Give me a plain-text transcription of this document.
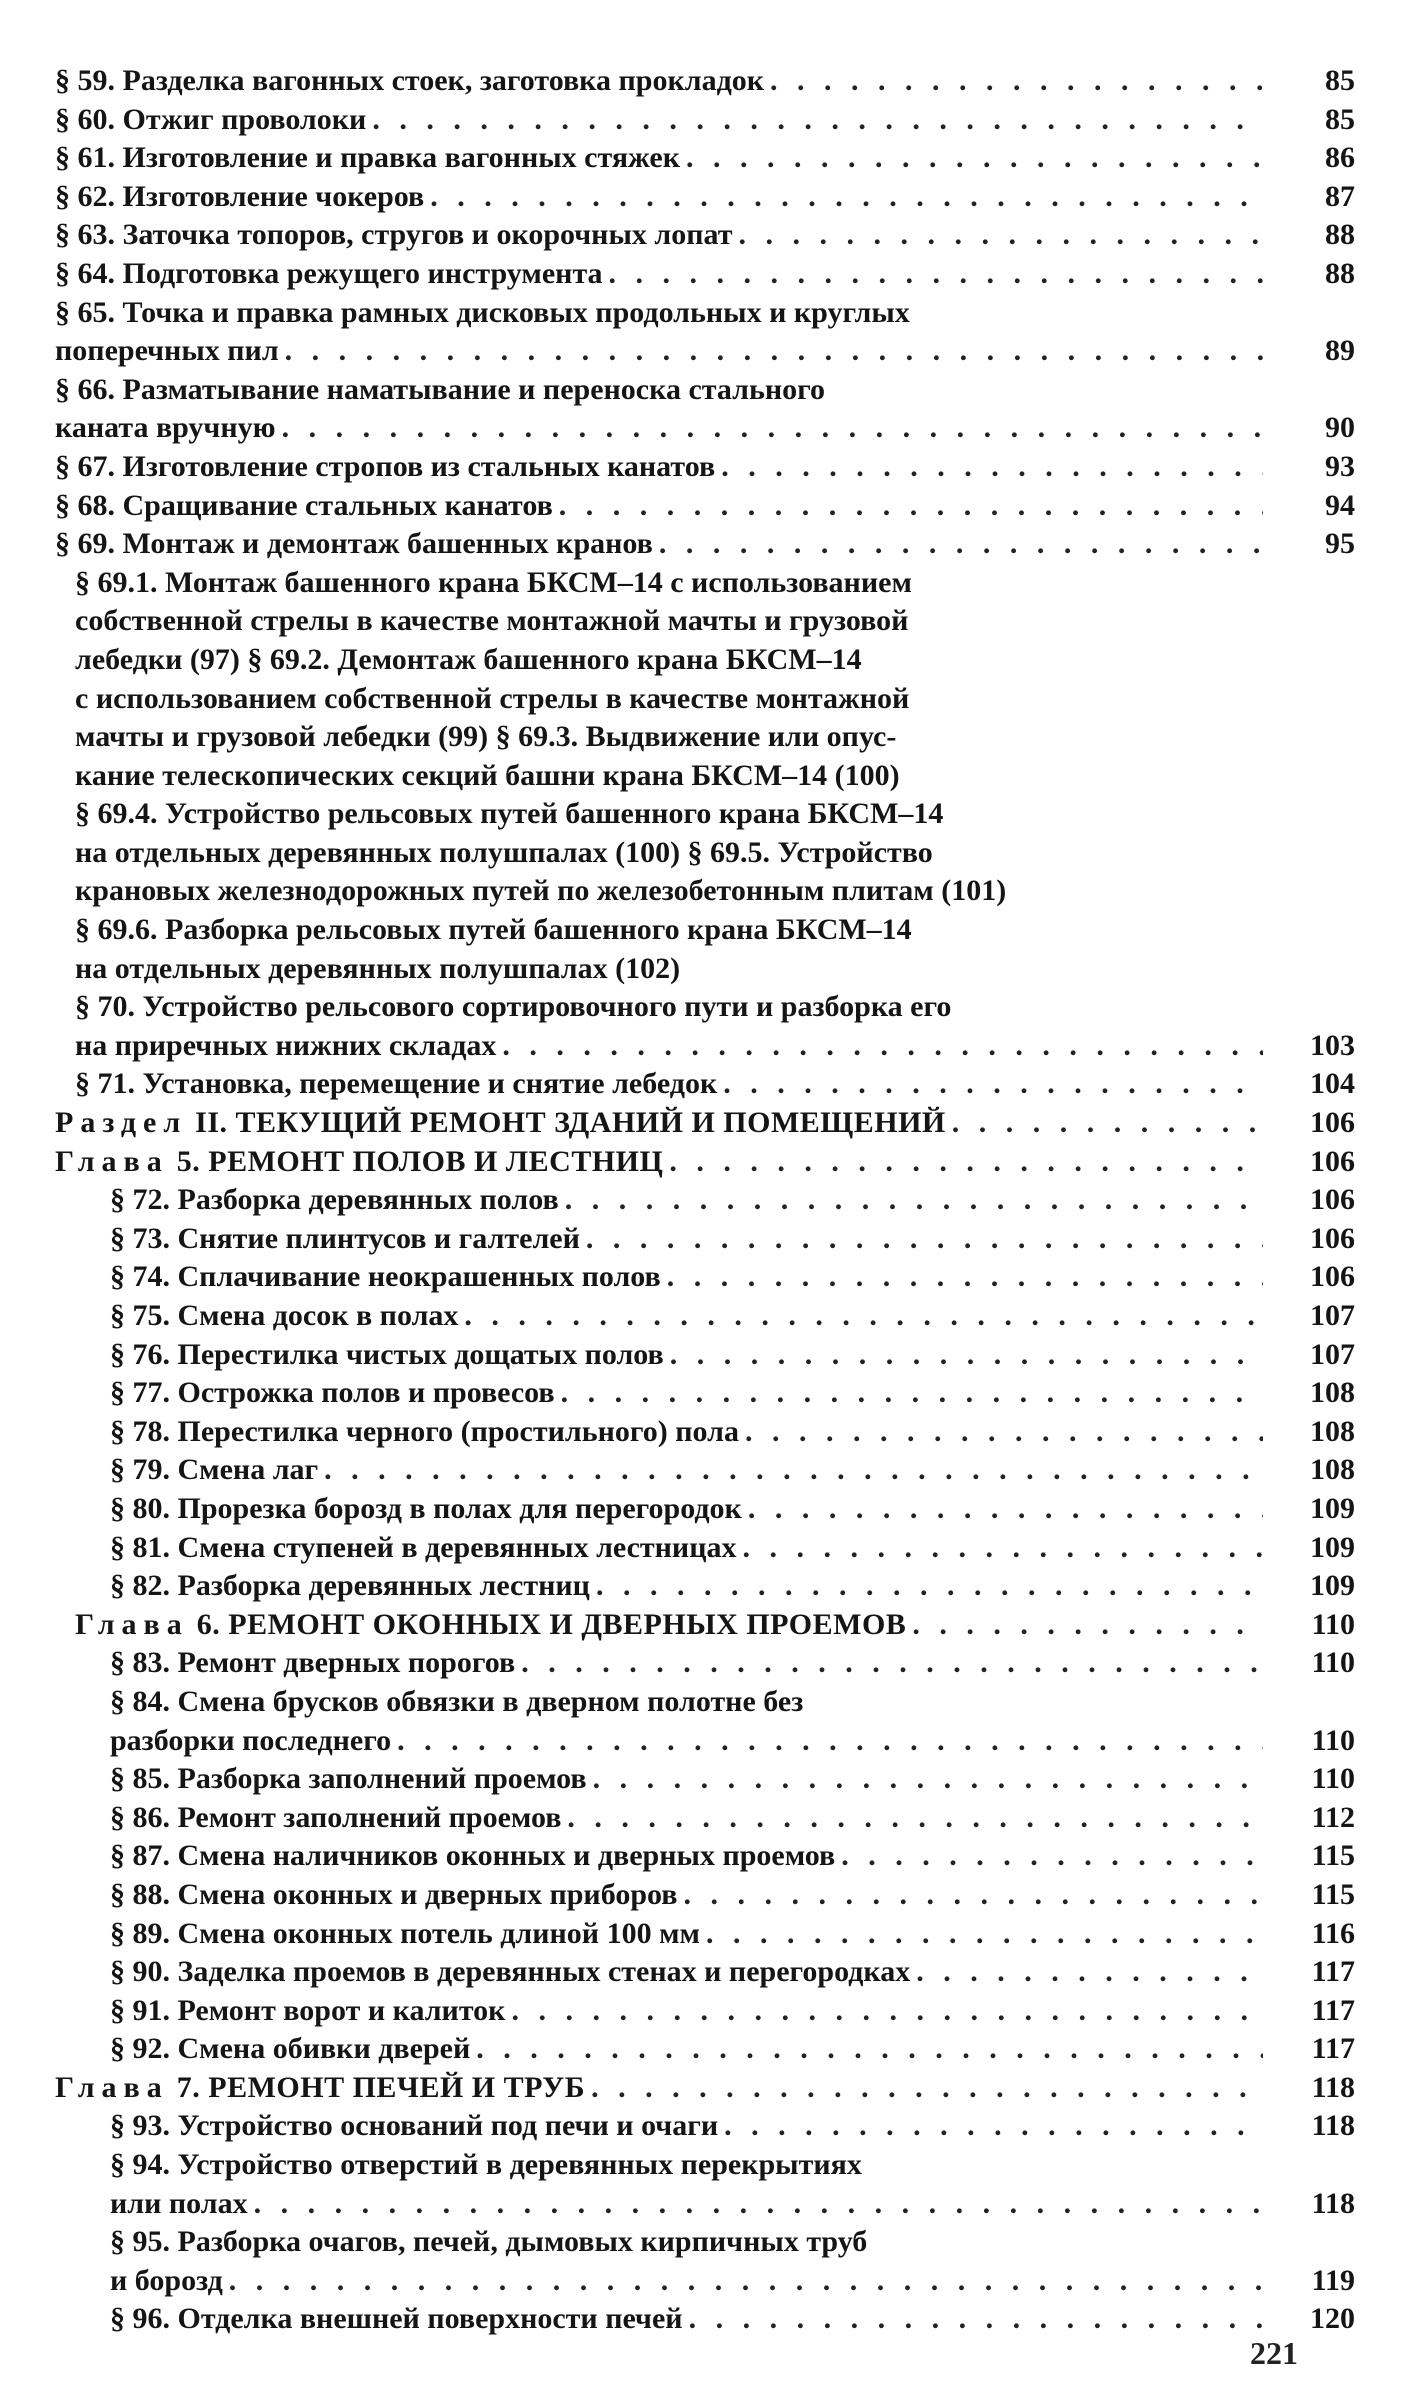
§ 59. Разделка вагонных стоек, заготовка прокладок . . .	85
§ 60. Отжиг проволоки . . .	85
§ 61. Изготовление и правка вагонных стяжек . . .	86
§ 62. Изготовление чокеров . . .	87
§ 63. Заточка топоров, стругов и окорочных лопат . . .	88
§ 64. Подготовка режущего инструмента . . .	88
§ 65. Точка и правка рамных дисковых продольных и круглых
поперечных пил . . .	89
§ 66. Разматывание наматывание и переноска стального
каната вручную . . .	90
§ 67. Изготовление стропов из стальных канатов . . .	93
§ 68. Сращивание стальных канатов . . .	94
§ 69. Монтаж и демонтаж башенных кранов . . .	95
§ 69.1. Монтаж башенного крана БКСМ–14 с использованием
собственной стрелы в качестве монтажной мачты и грузовой
лебедки (97) § 69.2. Демонтаж башенного крана БКСМ–14
с использованием собственной стрелы в качестве монтажной
мачты и грузовой лебедки (99) § 69.3. Выдвижение или опус-
кание телескопических секций башни крана БКСМ–14 (100)
§ 69.4. Устройство рельсовых путей башенного крана БКСМ–14
на отдельных деревянных полушпалах (100) § 69.5. Устройство
крановых железнодорожных путей по железобетонным плитам (101)
§ 69.6. Разборка рельсовых путей башенного крана БКСМ–14
на отдельных деревянных полушпалах (102)
§ 70. Устройство рельсового сортировочного пути и разборка его
на приречных нижних складах . . .	103
§ 71. Установка, перемещение и снятие лебедок . . .	104
Раздел II. ТЕКУЩИЙ РЕМОНТ ЗДАНИЙ И ПОМЕЩЕНИЙ . . .	106
Глава 5. РЕМОНТ ПОЛОВ И ЛЕСТНИЦ . . .	106
§ 72. Разборка деревянных полов . . .	106
§ 73. Снятие плинтусов и галтелей . . .	106
§ 74. Сплачивание неокрашенных полов . . .	106
§ 75. Смена досок в полах . . .	107
§ 76. Перестилка чистых дощатых полов . . .	107
§ 77. Острожка полов и провесов . . .	108
§ 78. Перестилка черного (простильного) пола . . .	108
§ 79. Смена лаг . . .	108
§ 80. Прорезка борозд в полах для перегородок . . .	109
§ 81. Смена ступеней в деревянных лестницах . . .	109
§ 82. Разборка деревянных лестниц . . .	109
Глава 6. РЕМОНТ ОКОННЫХ И ДВЕРНЫХ ПРОЕМОВ . . .	110
§ 83. Ремонт дверных порогов . . .	110
§ 84. Смена брусков обвязки в дверном полотне без
разборки последнего . . .	110
§ 85. Разборка заполнений проемов . . .	110
§ 86. Ремонт заполнений проемов . . .	112
§ 87. Смена наличников оконных и дверных проемов . . .	115
§ 88. Смена оконных и дверных приборов . . .	115
§ 89. Смена оконных потель длиной 100 мм . . .	116
§ 90. Заделка проемов в деревянных стенах и перегородках . . .	117
§ 91. Ремонт ворот и калиток . . .	117
§ 92. Смена обивки дверей . . .	117
Глава 7. РЕМОНТ ПЕЧЕЙ И ТРУБ . . .	118
§ 93. Устройство оснований под печи и очаги . . .	118
§ 94. Устройство отверстий в деревянных перекрытиях
или полах . . .	118
§ 95. Разборка очагов, печей, дымовых кирпичных труб
и борозд . . .	119
§ 96. Отделка внешней поверхности печей . . .	120
221
